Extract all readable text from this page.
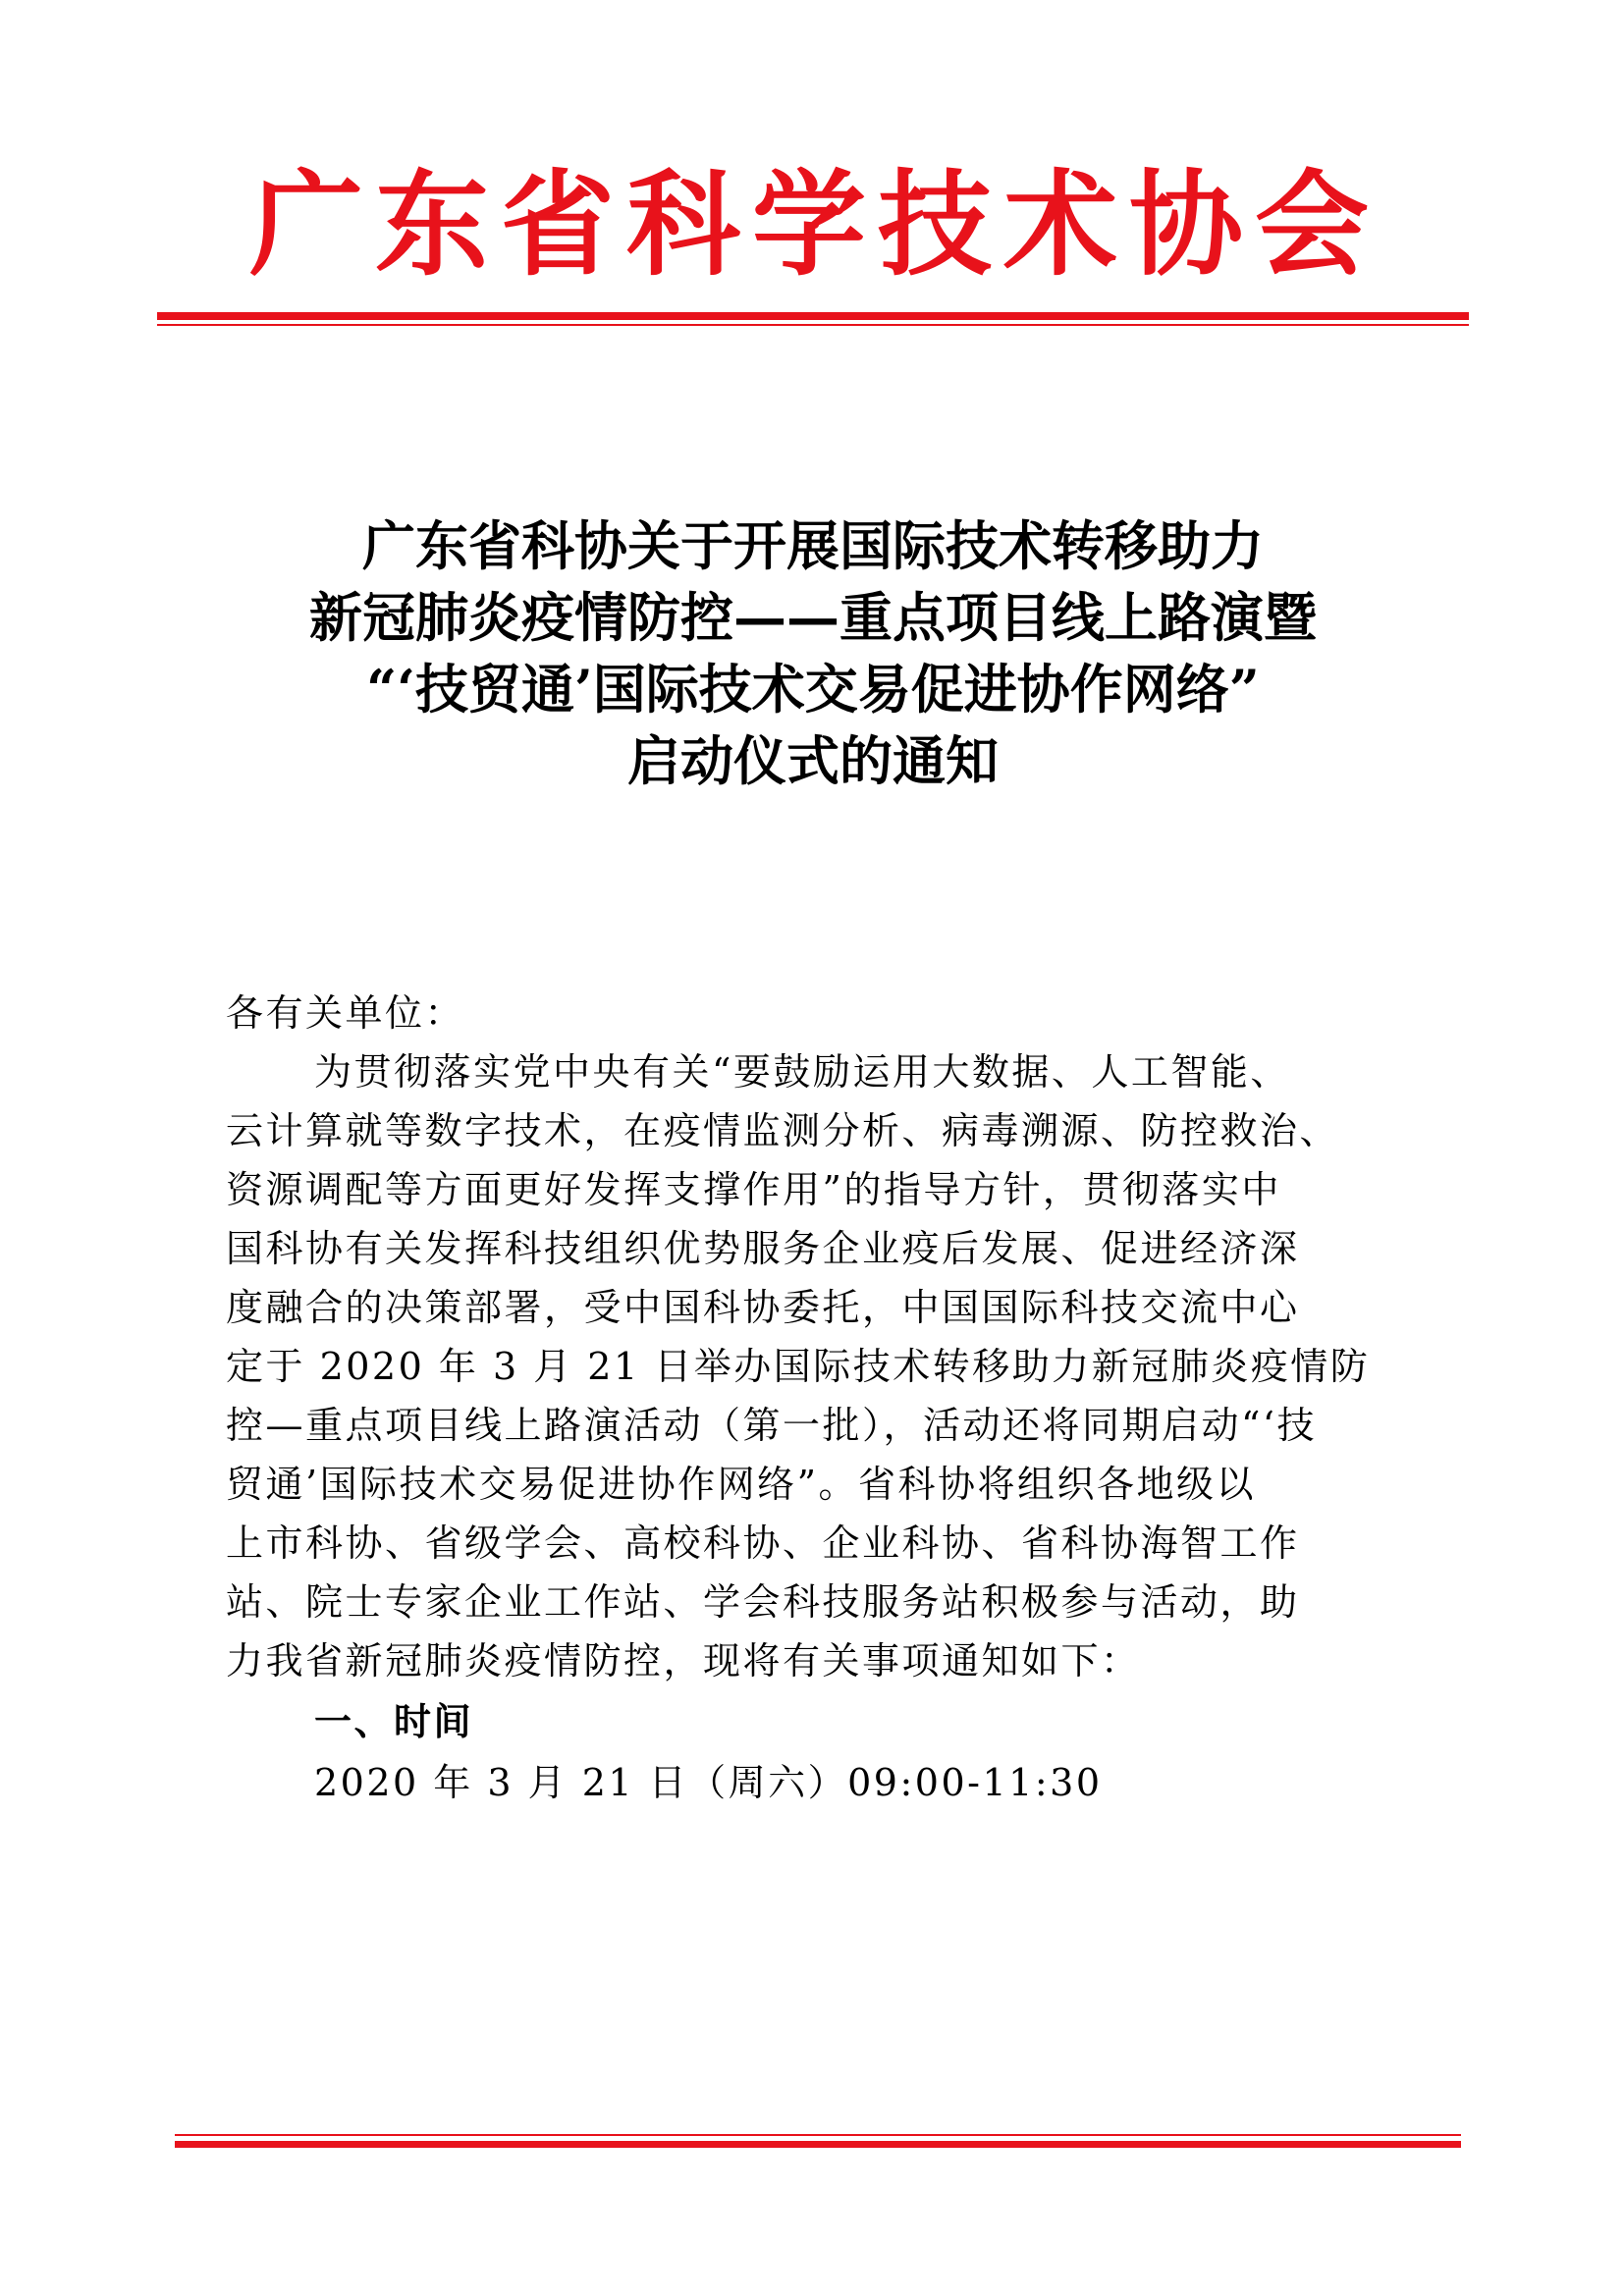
广东省科学技术协会
广东省科协关于开展国际技术转移助力
新冠肺炎疫情防控——重点项目线上路演暨
“‘技贸通’国际技术交易促进协作网络”
启动仪式的通知

各有关单位：

为贯彻落实党中央有关“要鼓励运用大数据、人工智能、
云计算就等数字技术，在疫情监测分析、病毒溯源、防控救治、
资源调配等方面更好发挥支撑作用”的指导方针，贯彻落实中
国科协有关发挥科技组织优势服务企业疫后发展、促进经济深
度融合的决策部署，受中国科协委托，中国国际科技交流中心
定于 2020 年 3 月 21 日举办国际技术转移助力新冠肺炎疫情防
控—重点项目线上路演活动（第一批），活动还将同期启动“‘技
贸通’国际技术交易促进协作网络”。省科协将组织各地级以
上市科协、省级学会、高校科协、企业科协、省科协海智工作
站、院士专家企业工作站、学会科技服务站积极参与活动，助
力我省新冠肺炎疫情防控，现将有关事项通知如下：
一、时间
2020 年 3 月 21 日（周六）09:00-11:30
